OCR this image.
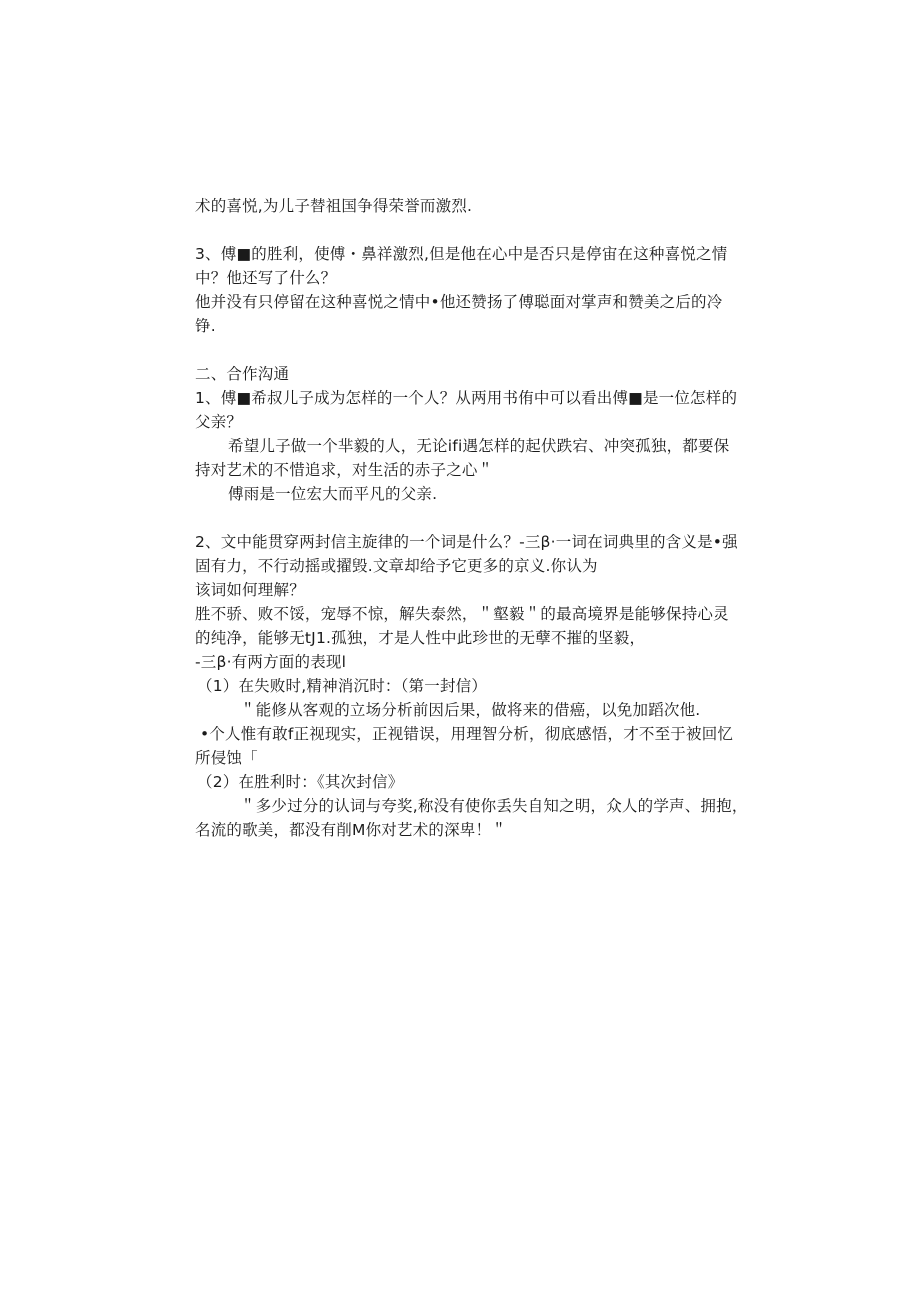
术的喜悦,为儿子替祖国争得荣誉而激烈.
3、傅■的胜利，使傅・鼻祥激烈,但是他在心中是否只是停宙在这种喜悦之情
中？他还写了什么？
他并没有只停留在这种喜悦之情中•他还赞扬了傅聪面对掌声和赞美之后的冷
铮.
二、合作沟通
1、傅■希叔儿子成为怎样的一个人？从两用书侑中可以看出傅■是一位怎样的
父亲？
希望儿子做一个芈毅的人，无论ifi遇怎样的起伏跌宕、冲突孤独，都要保
持对艺术的不惜追求，对生活的赤子之心＂
傅雨是一位宏大而平凡的父亲.
2、文中能贯穿两封信主旋律的一个词是什么？-三β·一词在词典里的含义是•强
固有力，不行动摇或擢毁.文章却给予它更多的京义.你认为
该词如何理解？
胜不骄、败不馁，宠辱不惊，解失泰然，＂壑毅＂的最高境界是能够保持心灵
的纯净，能够无tJ1.孤独，才是人性中此珍世的无孽不摧的坚毅，
-三β·有两方面的表现l
（1）在失败时,精神消沉时：（第一封信）
＂能修从客观的立场分析前因后果，做将来的借癌，以免加蹈次他.
•个人惟有敢f正视现实，正视错误，用理智分析，彻底感悟，才不至于被回忆
所侵蚀「
（2）在胜利时：《其次封信》
＂多少过分的认词与夸奖,称没有使你丢失自知之明，众人的学声、拥抱，
名流的歌美，都没有削M你对艺术的深卑！＂
